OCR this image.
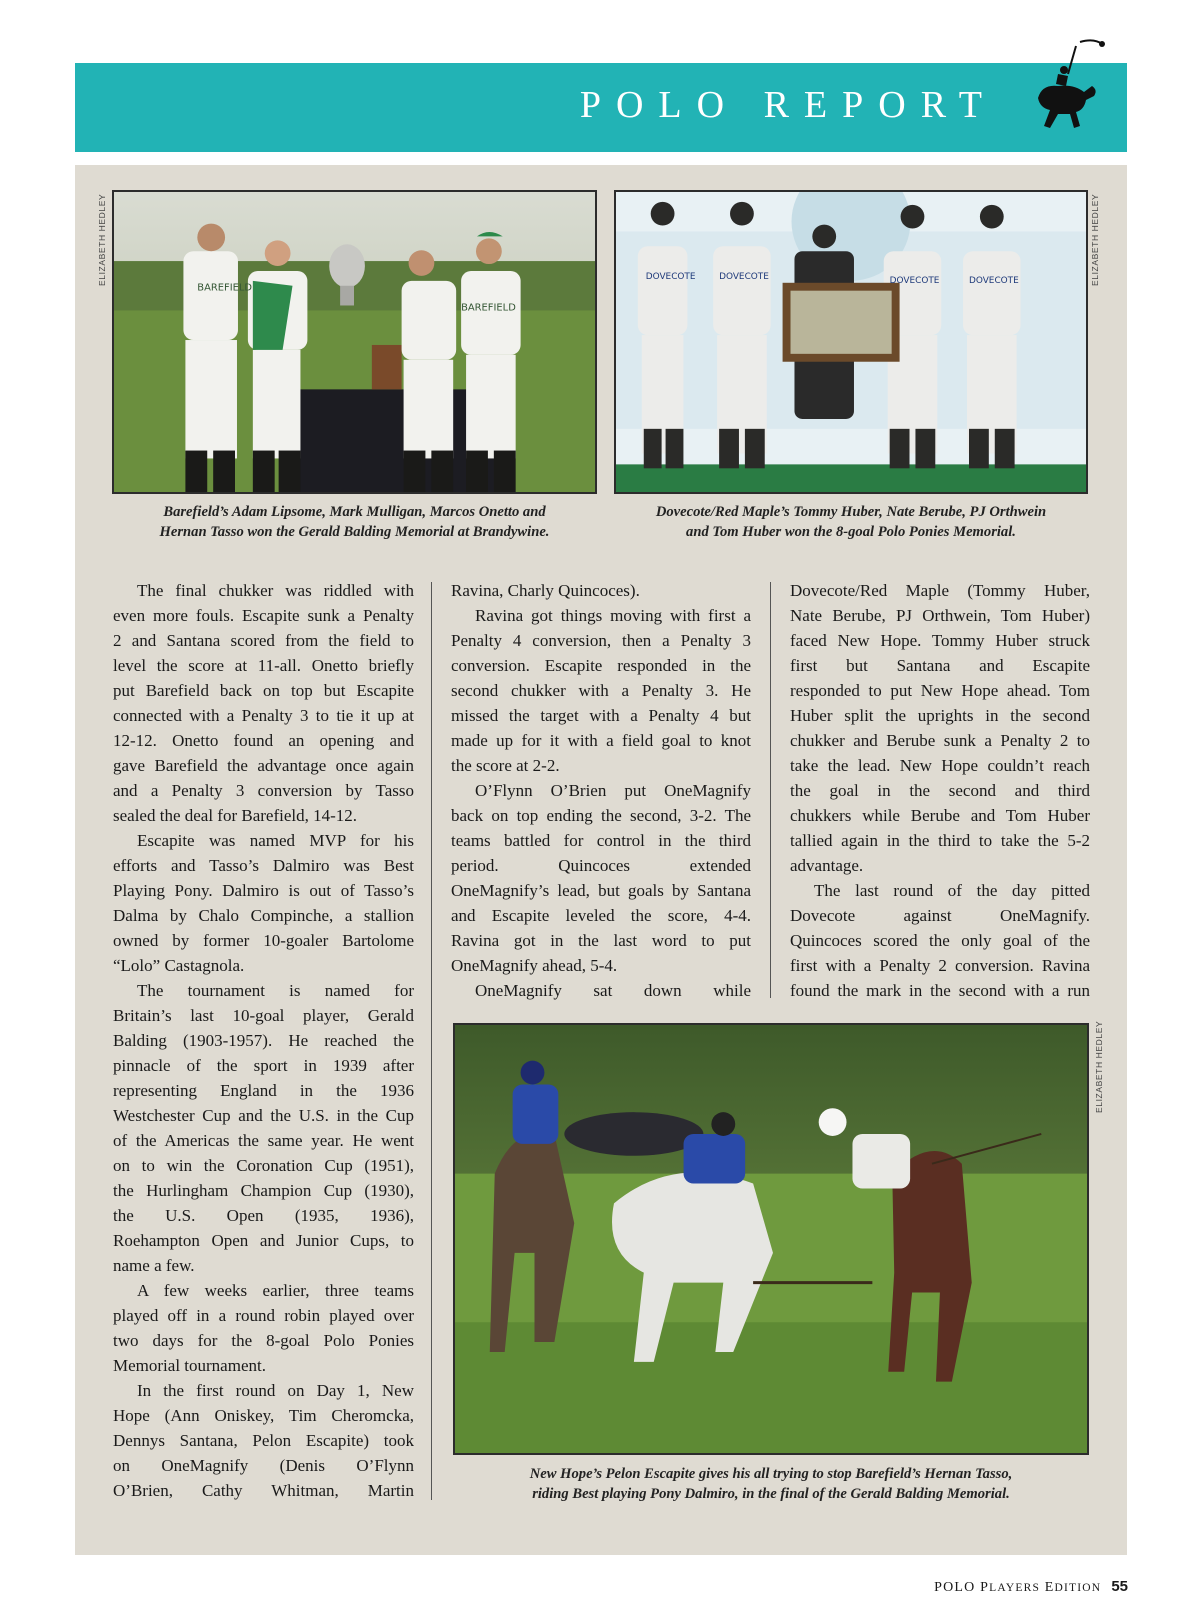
POLO REPORT
BAREFIELD
BAREFIELD
ELIZABETH HEDLEY
Barefield’s Adam Lipsome, Mark Mulligan, Marcos Onetto and
Hernan Tasso won the Gerald Balding Memorial at Brandywine.
DOVECOTE	DOVECOTE	DOVECOTE	DOVECOTE	ELIZABETH HEDLEY
Dovecote/Red Maple’s Tommy Huber, Nate Berube, PJ Orthwein
and Tom Huber won the 8-goal Polo Ponies Memorial.
The final chukker was riddled with
even more fouls. Escapite sunk a Penalty
2 and Santana scored from the field to
level the score at 11-all. Onetto briefly
put Barefield back on top but Escapite
connected with a Penalty 3 to tie it up at
12-12. Onetto found an opening and
gave Barefield the advantage once again
and a Penalty 3 conversion by Tasso
sealed the deal for Barefield, 14-12.
Escapite was named MVP for his
efforts and Tasso’s Dalmiro was Best
Playing Pony. Dalmiro is out of Tasso’s
Dalma by Chalo Compinche, a stallion
owned by former 10-goaler Bartolome
“Lolo” Castagnola.
The tournament is named for
Britain’s last 10-goal player, Gerald
Balding (1903-1957). He reached the
pinnacle of the sport in 1939 after
representing England in the 1936
Westchester Cup and the U.S. in the Cup
of the Americas the same year. He went
on to win the Coronation Cup (1951),
the Hurlingham Champion Cup (1930),
the U.S. Open (1935, 1936),
Roehampton Open and Junior Cups, to
name a few.
A few weeks earlier, three teams
played off in a round robin played over
two days for the 8-goal Polo Ponies
Memorial tournament.
In the first round on Day 1, New
Hope (Ann Oniskey, Tim Cheromcka,
Dennys Santana, Pelon Escapite) took
on OneMagnify (Denis O’Flynn
O’Brien, Cathy Whitman, Martin
Ravina, Charly Quincoces).
Ravina got things moving with first a
Penalty 4 conversion, then a Penalty 3
conversion. Escapite responded in the
second chukker with a Penalty 3. He
missed the target with a Penalty 4 but
made up for it with a field goal to knot
the score at 2-2.
O’Flynn O’Brien put OneMagnify
back on top ending the second, 3-2. The
teams battled for control in the third
period. Quincoces extended
OneMagnify’s lead, but goals by Santana
and Escapite leveled the score, 4-4.
Ravina got in the last word to put
OneMagnify ahead, 5-4.
OneMagnify sat down while
Dovecote/Red Maple (Tommy Huber,
Nate Berube, PJ Orthwein, Tom Huber)
faced New Hope. Tommy Huber struck
first but Santana and Escapite
responded to put New Hope ahead. Tom
Huber split the uprights in the second
chukker and Berube sunk a Penalty 2 to
take the lead. New Hope couldn’t reach
the goal in the second and third
chukkers while Berube and Tom Huber
tallied again in the third to take the 5-2
advantage.
The last round of the day pitted
Dovecote against OneMagnify.
Quincoces scored the only goal of the
first with a Penalty 2 conversion. Ravina
found the mark in the second with a run
ELIZABETH HEDLEY
New Hope’s Pelon Escapite gives his all trying to stop Barefield’s Hernan Tasso,
riding Best playing Pony Dalmiro, in the final of the Gerald Balding Memorial.
POLO PLAYERS EDITION 55
